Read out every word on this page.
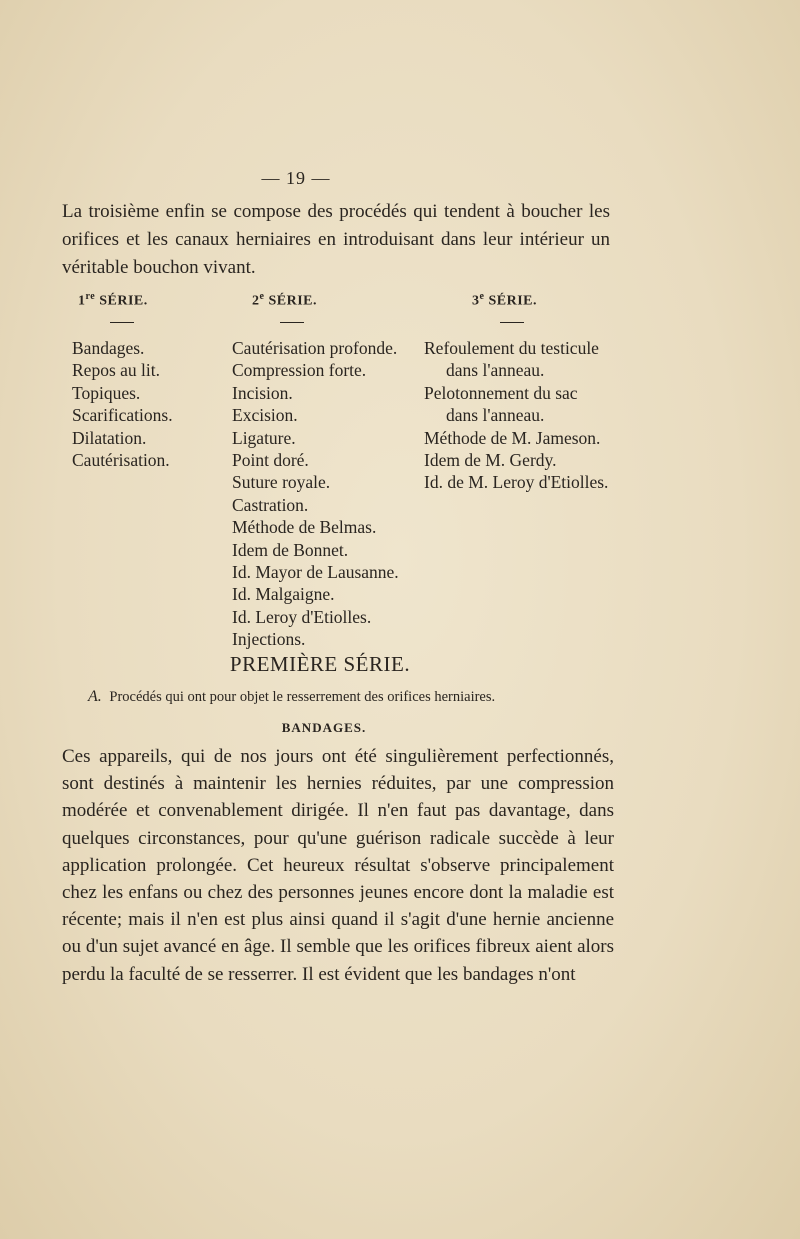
— 19 —

La troisième enfin se compose des procédés qui tendent à boucher les orifices et les canaux herniaires en introduisant dans leur intérieur un véritable bouchon vivant.

1re SÉRIE.
Bandages.
Repos au lit.
Topiques.
Scarifications.
Dilatation.
Cautérisation.
2e SÉRIE.
Cautérisation profonde.
Compression forte.
Incision.
Excision.
Ligature.
Point doré.
Suture royale.
Castration.
Méthode de Belmas.
Idem de Bonnet.
Id. Mayor de Lausanne.
Id. Malgaigne.
Id. Leroy d'Etiolles.
Injections.
3e SÉRIE.
Refoulement du testicule
dans l'anneau.
Pelotonnement du sac
dans l'anneau.
Méthode de M. Jameson.
Idem de M. Gerdy.
Id. de M. Leroy d'Etiolles.
PREMIÈRE SÉRIE.
A. Procédés qui ont pour objet le resserrement des orifices herniaires.
BANDAGES.

Ces appareils, qui de nos jours ont été singulièrement perfectionnés, sont destinés à maintenir les hernies réduites, par une compression modérée et convenablement dirigée. Il n'en faut pas davantage, dans quelques circonstances, pour qu'une guérison radicale succède à leur application prolongée. Cet heureux résultat s'observe principalement chez les enfans ou chez des personnes jeunes encore dont la maladie est récente; mais il n'en est plus ainsi quand il s'agit d'une hernie ancienne ou d'un sujet avancé en âge. Il semble que les orifices fibreux aient alors perdu la faculté de se resserrer. Il est évident que les bandages n'ont
